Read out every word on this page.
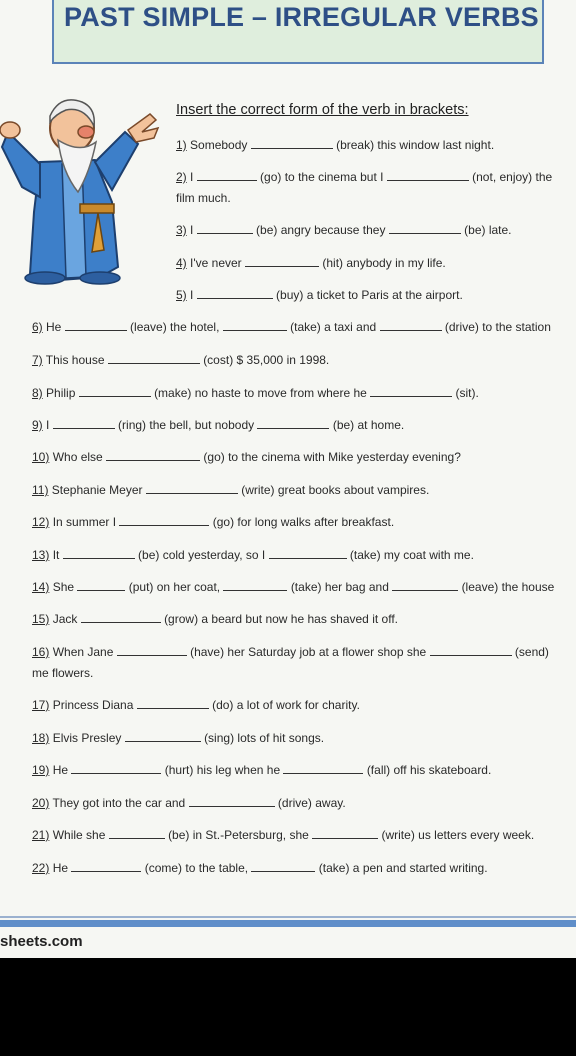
PAST SIMPLE – IRREGULAR VERBS
Insert the correct form of the verb in brackets:
1) Somebody	(break) this window last night.
2) I	(go) to the cinema but I	(not, enjoy) the
film much.
3) I	(be) angry because they	(be) late.
4) I've never	(hit) anybody in my life.
5) I	(buy) a ticket to Paris at the airport.
6) He	(leave) the hotel,	(take) a taxi and	(drive) to the station
7) This house	(cost) $ 35,000 in 1998.
8) Philip	(make) no haste to move from where he	(sit).
9) I	(ring) the bell, but nobody	(be) at home.
10) Who else	(go) to the cinema with Mike yesterday evening?
11) Stephanie Meyer	(write) great books about vampires.
12) In summer I	(go) for long walks after breakfast.
13) It	(be) cold yesterday, so I	(take) my coat with me.
14) She	(put) on her coat,	(take) her bag and	(leave) the house
15) Jack	(grow) a beard but now he has shaved it off.
16) When Jane	(have) her Saturday job at a flower shop she	(send)
me flowers.
17) Princess Diana	(do) a lot of work for charity.
18) Elvis Presley	(sing) lots of hit songs.
19) He	(hurt) his leg when he	(fall) off his skateboard.
20) They got into the car and	(drive) away.
21) While she	(be) in St.-Petersburg, she	(write) us letters every week.
22) He	(come) to the table,	(take) a pen and started writing.
sheets.com
